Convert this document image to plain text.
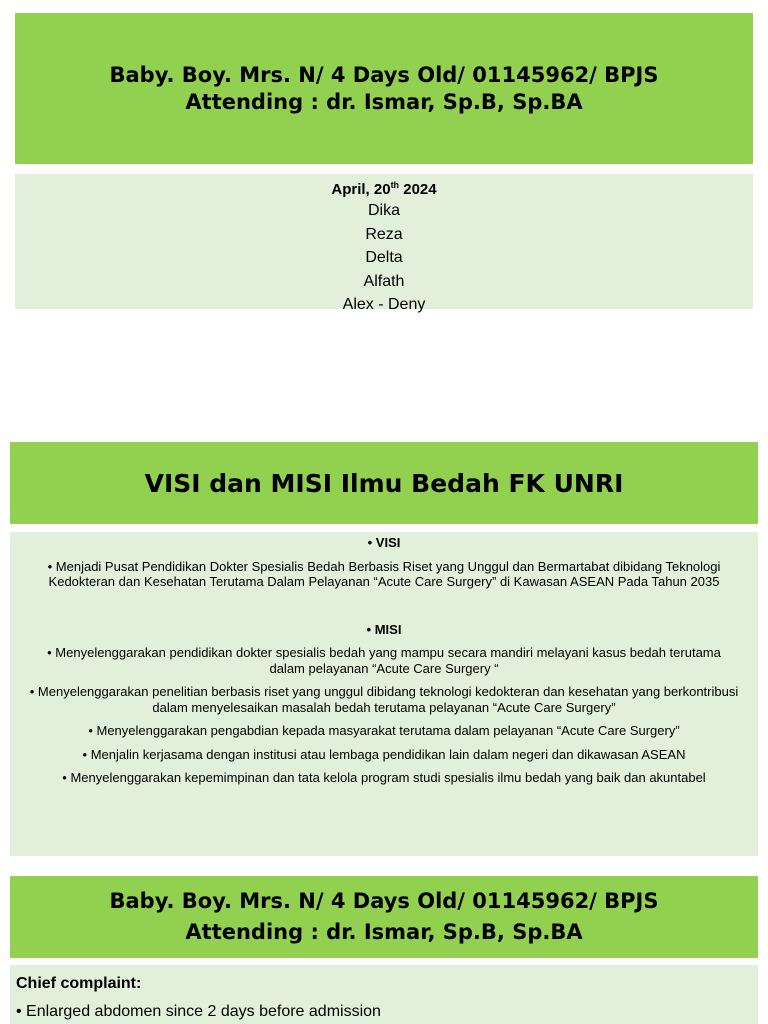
Baby. Boy. Mrs. N/ 4 Days Old/ 01145962/ BPJS
Attending : dr. Ismar, Sp.B, Sp.BA
April, 20th 2024
Dika
Reza
Delta
Alfath
Alex - Deny
VISI dan MISI Ilmu Bedah FK UNRI
• VISI
• Menjadi Pusat Pendidikan Dokter Spesialis Bedah Berbasis Riset yang Unggul dan Bermartabat dibidang Teknologi Kedokteran dan Kesehatan Terutama Dalam Pelayanan “Acute Care Surgery” di Kawasan ASEAN Pada Tahun 2035
• MISI
• Menyelenggarakan pendidikan dokter spesialis bedah yang mampu secara mandiri melayani kasus bedah terutama dalam pelayanan “Acute Care Surgery “
• Menyelenggarakan penelitian berbasis riset yang unggul dibidang teknologi kedokteran dan kesehatan yang berkontribusi dalam menyelesaikan masalah bedah terutama pelayanan “Acute Care Surgery”
• Menyelenggarakan pengabdian kepada masyarakat terutama dalam pelayanan “Acute Care Surgery”
• Menjalin kerjasama dengan institusi atau lembaga pendidikan lain dalam negeri dan dikawasan ASEAN
• Menyelenggarakan kepemimpinan dan tata kelola program studi spesialis ilmu bedah yang baik dan akuntabel
Baby. Boy. Mrs. N/ 4 Days Old/ 01145962/ BPJS
Attending : dr. Ismar, Sp.B, Sp.BA
Chief complaint:
• Enlarged abdomen since 2 days before admission
